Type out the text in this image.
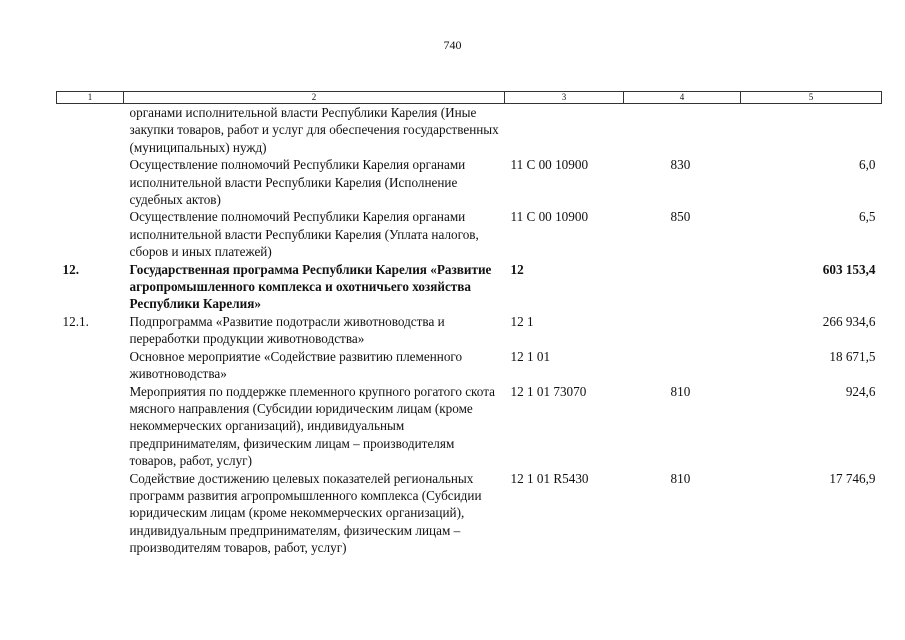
740
1	2	3	4	5
	органами исполнительной власти Республики Карелия (Иные закупки товаров, работ и услуг для обеспечения государственных (муниципальных) нужд)			
	Осуществление полномочий Республики Карелия органами исполнительной власти Республики Карелия (Исполнение судебных актов)	11 С 00 10900	830	6,0
	Осуществление полномочий Республики Карелия органами исполнительной власти Республики Карелия (Уплата налогов, сборов и иных платежей)	11 С 00 10900	850	6,5
12.	Государственная программа Республики Карелия «Развитие агропромышленного комплекса и охотничьего хозяйства Республики Карелия»	12		603 153,4
12.1.	Подпрограмма «Развитие подотрасли животноводства и переработки продукции животноводства»	12 1		266 934,6
	Основное мероприятие «Содействие развитию племенного животноводства»	12 1 01		18 671,5
	Мероприятия по поддержке племенного крупного рогатого скота мясного направления (Субсидии юридическим лицам (кроме некоммерческих организаций), индивидуальным предпринимателям, физическим лицам – производителям товаров, работ, услуг)	12 1 01 73070	810	924,6
	Содействие достижению целевых показателей региональных программ развития агропромышленного комплекса (Субсидии юридическим лицам (кроме некоммерческих организаций), индивидуальным предпринимателям, физическим лицам – производителям товаров, работ, услуг)	12 1 01 R5430	810	17 746,9
